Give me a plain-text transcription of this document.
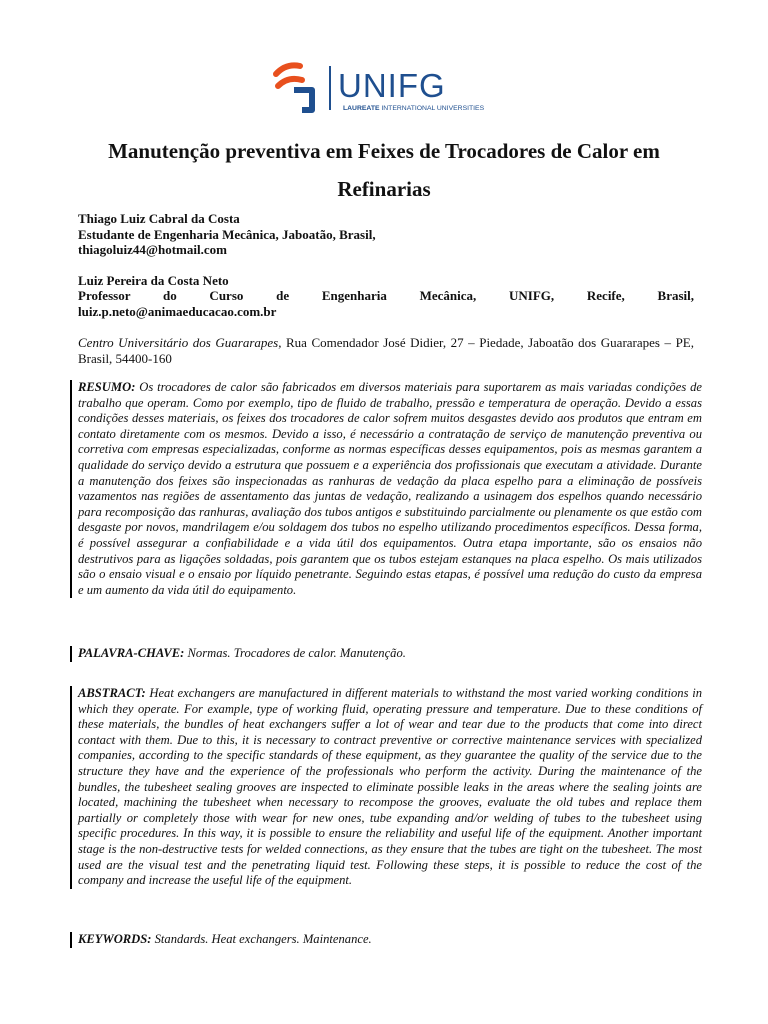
UNIFG
LAUREATE INTERNATIONAL UNIVERSITIES
Manutenção preventiva em Feixes de Trocadores de Calor em Refinarias
Thiago Luiz Cabral da Costa
Estudante de Engenharia Mecânica, Jaboatão, Brasil,
thiagoluiz44@hotmail.com
Luiz Pereira da Costa Neto
Professor do Curso de Engenharia Mecânica, UNIFG, Recife, Brasil,
luiz.p.neto@animaeducacao.com.br
Centro Universitário dos Guararapes, Rua Comendador José Didier, 27 – Piedade, Jaboatão dos Guararapes – PE, Brasil, 54400-160
RESUMO: Os trocadores de calor são fabricados em diversos materiais para suportarem as mais variadas condições de trabalho que operam. Como por exemplo, tipo de fluido de trabalho, pressão e temperatura de operação. Devido a essas condições desses materiais, os feixes dos trocadores de calor sofrem muitos desgastes devido aos produtos que entram em contato diretamente com os mesmos. Devido a isso, é necessário a contratação de serviço de manutenção preventiva ou corretiva com empresas especializadas, conforme as normas específicas desses equipamentos, pois as mesmas garantem a qualidade do serviço devido a estrutura que possuem e a experiência dos profissionais que executam a atividade. Durante a manutenção dos feixes são inspecionadas as ranhuras de vedação da placa espelho para a eliminação de possíveis vazamentos nas regiões de assentamento das juntas de vedação, realizando a usinagem dos espelhos quando necessário para recomposição das ranhuras, avaliação dos tubos antigos e substituindo parcialmente ou plenamente os que estão com desgaste por novos, mandrilagem e/ou soldagem dos tubos no espelho utilizando procedimentos específicos. Dessa forma, é possível assegurar a confiabilidade e a vida útil dos equipamentos. Outra etapa importante, são os ensaios não destrutivos para as ligações soldadas, pois garantem que os tubos estejam estanques na placa espelho. Os mais utilizados são o ensaio visual e o ensaio por líquido penetrante. Seguindo estas etapas, é possível uma redução do custo da empresa e um aumento da vida útil do equipamento.
PALAVRA-CHAVE: Normas. Trocadores de calor. Manutenção.
ABSTRACT: Heat exchangers are manufactured in different materials to withstand the most varied working conditions in which they operate. For example, type of working fluid, operating pressure and temperature. Due to these conditions of these materials, the bundles of heat exchangers suffer a lot of wear and tear due to the products that come into direct contact with them. Due to this, it is necessary to contract preventive or corrective maintenance services with specialized companies, according to the specific standards of these equipment, as they guarantee the quality of the service due to the structure they have and the experience of the professionals who perform the activity. During the maintenance of the bundles, the tubesheet sealing grooves are inspected to eliminate possible leaks in the areas where the sealing joints are located, machining the tubesheet when necessary to recompose the grooves, evaluate the old tubes and replace them partially or completely those with wear for new ones, tube expanding and/or welding of tubes to the tubesheet using specific procedures. In this way, it is possible to ensure the reliability and useful life of the equipment. Another important stage is the non-destructive tests for welded connections, as they ensure that the tubes are tight on the tubesheet. The most used are the visual test and the penetrating liquid test. Following these steps, it is possible to reduce the cost of the company and increase the useful life of the equipment.
KEYWORDS: Standards. Heat exchangers. Maintenance.
